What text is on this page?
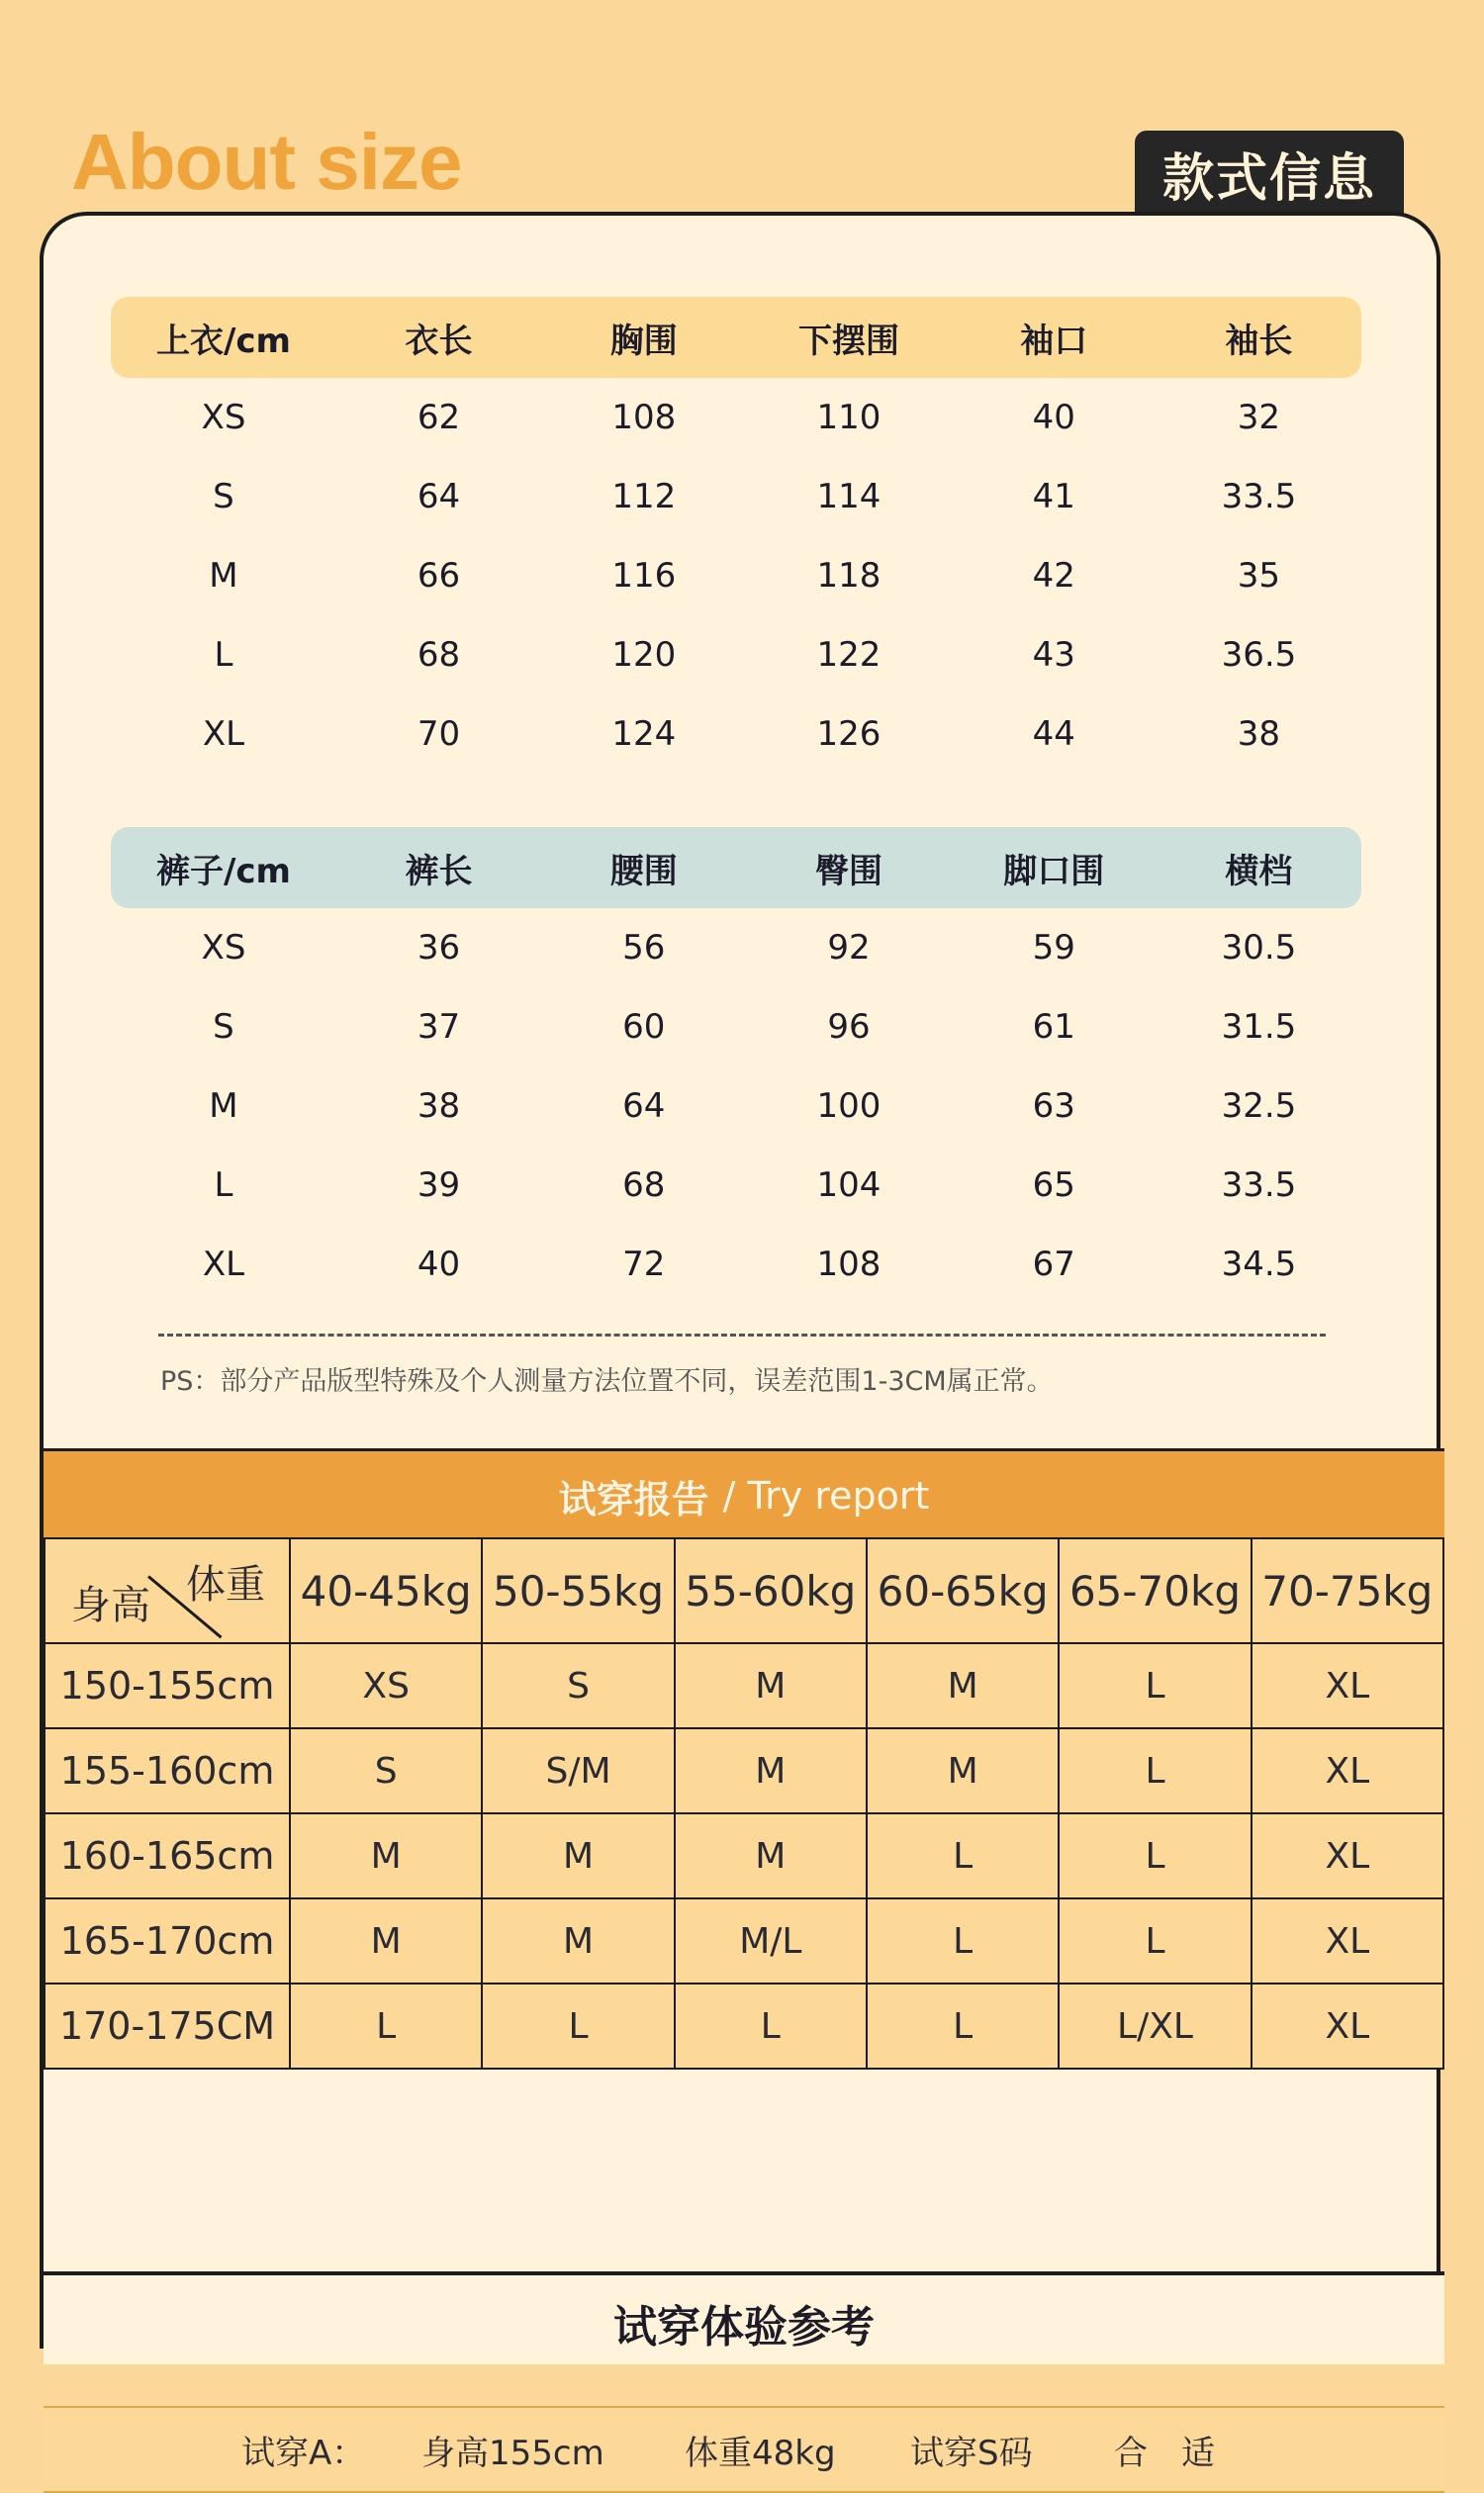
About size	款式信息
上衣/cm	衣长	胸围	下摆围	袖口	袖长
XS	62	108	110	40	32
S	64	112	114	41	33.5
M	66	116	118	42	35
L	68	120	122	43	36.5
XL	70	124	126	44	38
裤子/cm	裤长	腰围	臀围	脚口围	横档
XS	36	56	92	59	30.5
S	37	60	96	61	31.5
M	38	64	100	63	32.5
L	39	68	104	65	33.5
XL	40	72	108	67	34.5
PS：部分产品版型特殊及个人测量方法位置不同，误差范围1-3CM属正常。
试穿报告 / Try report
体重
身高	40-45kg	50-55kg	55-60kg	60-65kg	65-70kg	70-75kg
150-155cm	XS	S	M	M	L	XL
155-160cm	S	S/M	M	M	L	XL
160-165cm	M	M	M	L	L	XL
165-170cm	M	M	M/L	L	L	XL
170-175CM	L	L	L	L	L/XL	XL
试穿体验参考
试穿A： 身高155cm 体重48kg 试穿S码 合　适
